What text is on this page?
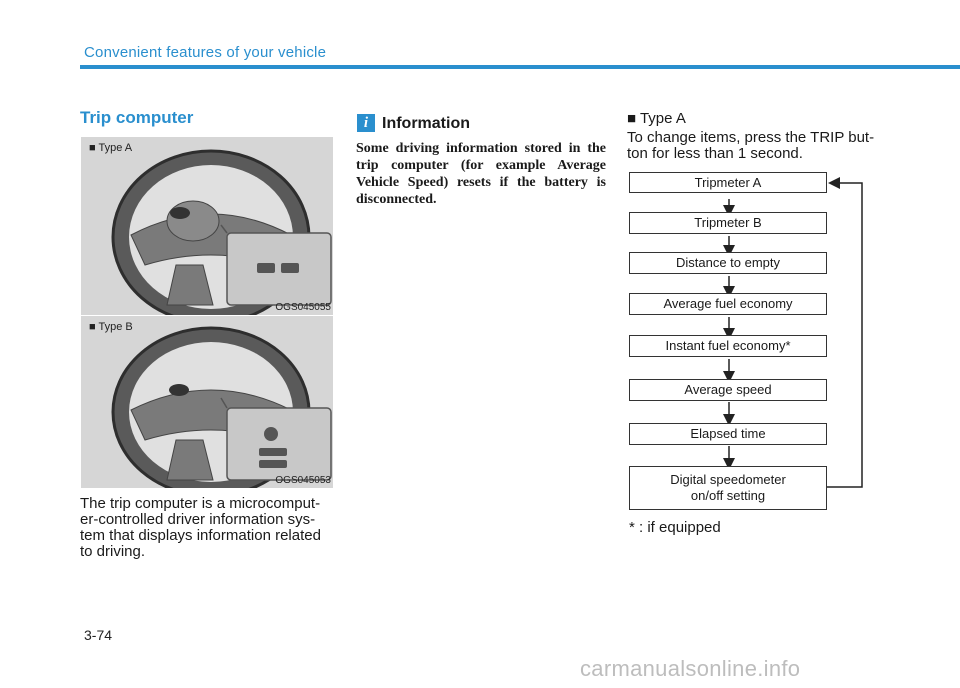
Convenient features of your vehicle
Trip computer
■ Type A
OGS045055
■ Type B
OGS045053
The trip computer is a microcomput-er-controlled driver information sys-tem that displays information related to driving.
i Information
Some driving information stored in the trip computer (for example Average Vehicle Speed) resets if the battery is disconnected.
■ Type A
To change items, press the TRIP but-ton for less than 1 second.
Tripmeter A
Tripmeter B
Distance to empty
Average fuel economy
Instant fuel economy*
Average speed
Elapsed time
Digital speedometer on/off setting
* : if equipped
3-74
carmanualsonline.info
